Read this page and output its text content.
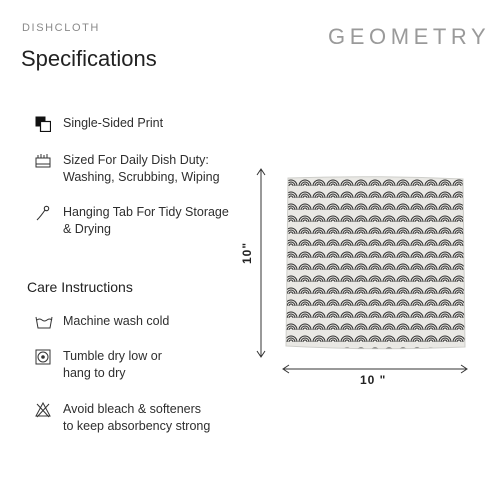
DISHCLOTH	GEOMETRY
Specifications
Single-Sided Print
Sized For Daily Dish Duty:
Washing, Scrubbing, Wiping
Hanging Tab For Tidy Storage
& Drying
Care Instructions
Machine wash cold
Tumble dry low or
hang to dry
Avoid bleach & softeners
to keep absorbency strong
10"
10 "
